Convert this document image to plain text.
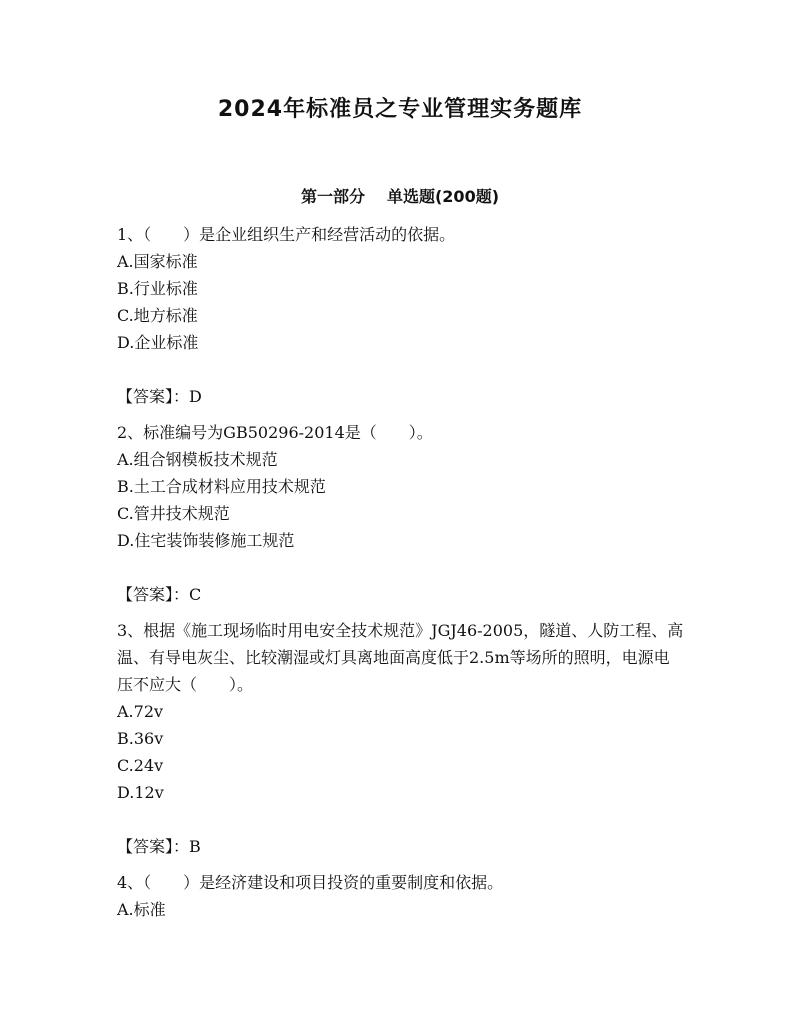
2024年标准员之专业管理实务题库
第一部分 单选题(200题)
1、（　　）是企业组织生产和经营活动的依据。
A.国家标准
B.行业标准
C.地方标准
D.企业标准
【答案】：D
2、标准编号为GB50296-2014是（　　）。
A.组合钢模板技术规范
B.土工合成材料应用技术规范
C.管井技术规范
D.住宅装饰装修施工规范
【答案】：C
3、根据《施工现场临时用电安全技术规范》JGJ46-2005，隧道、人防工程、高温、有导电灰尘、比较潮湿或灯具离地面高度低于2.5m等场所的照明，电源电压不应大（　　）。
A.72v
B.36v
C.24v
D.12v
【答案】：B
4、（　　）是经济建设和项目投资的重要制度和依据。
A.标准
